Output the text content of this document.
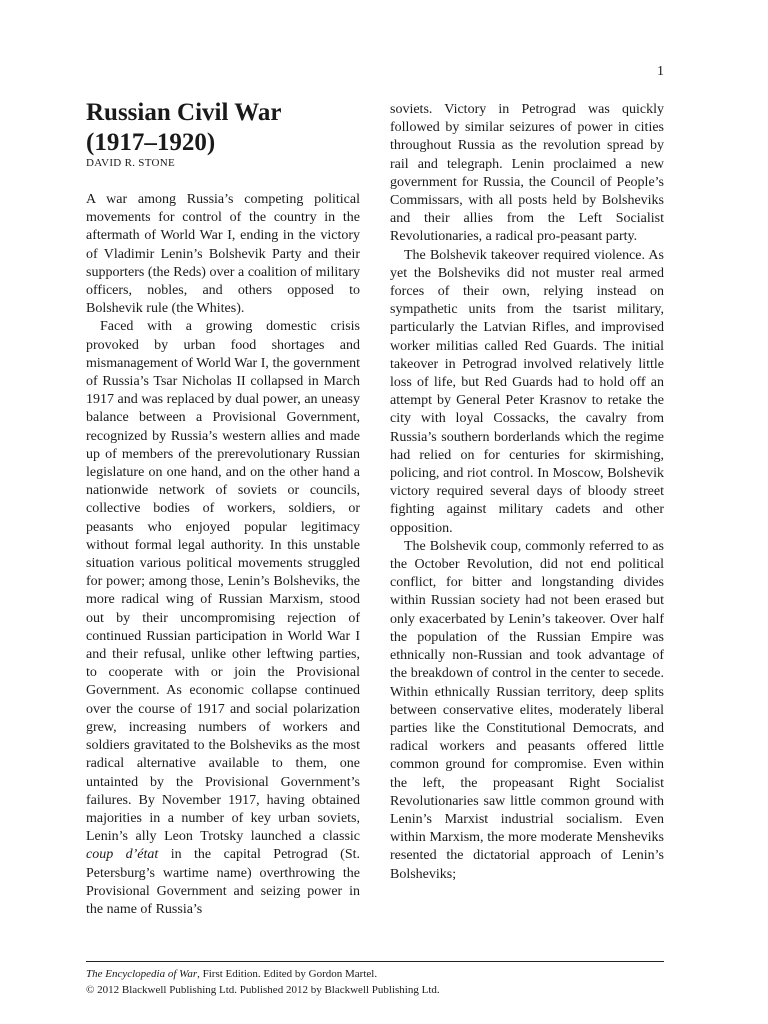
1
Russian Civil War
(1917–1920)
DAVID R. STONE

A war among Russia’s competing political movements for control of the country in the aftermath of World War I, ending in the victory of Vladimir Lenin’s Bolshevik Party and their supporters (the Reds) over a coalition of military officers, nobles, and others opposed to Bolshevik rule (the Whites).

Faced with a growing domestic crisis provoked by urban food shortages and mismanagement of World War I, the government of Russia’s Tsar Nicholas II collapsed in March 1917 and was replaced by dual power, an uneasy balance between a Provisional Government, recognized by Russia’s western allies and made up of members of the prerevolutionary Russian legislature on one hand, and on the other hand a nationwide network of soviets or councils, collective bodies of workers, soldiers, or peasants who enjoyed popular legitimacy without formal legal authority. In this unstable situation various political movements struggled for power; among those, Lenin’s Bolsheviks, the more radical wing of Russian Marxism, stood out by their uncompromising rejection of continued Russian participation in World War I and their refusal, unlike other leftwing parties, to cooperate with or join the Provisional Government. As economic collapse continued over the course of 1917 and social polarization grew, increasing numbers of workers and soldiers gravitated to the Bolsheviks as the most radical alternative available to them, one untainted by the Provisional Government’s failures. By November 1917, having obtained majorities in a number of key urban soviets, Lenin’s ally Leon Trotsky launched a classic coup d’état in the capital Petrograd (St. Petersburg’s wartime name) overthrowing the Provisional Government and seizing power in the name of Russia’s

soviets. Victory in Petrograd was quickly followed by similar seizures of power in cities throughout Russia as the revolution spread by rail and telegraph. Lenin proclaimed a new government for Russia, the Council of People’s Commissars, with all posts held by Bolsheviks and their allies from the Left Socialist Revolutionaries, a radical pro-peasant party.

The Bolshevik takeover required violence. As yet the Bolsheviks did not muster real armed forces of their own, relying instead on sympathetic units from the tsarist military, particularly the Latvian Rifles, and improvised worker militias called Red Guards. The initial takeover in Petrograd involved relatively little loss of life, but Red Guards had to hold off an attempt by General Peter Krasnov to retake the city with loyal Cossacks, the cavalry from Russia’s southern borderlands which the regime had relied on for centuries for skirmishing, policing, and riot control. In Moscow, Bolshevik victory required several days of bloody street fighting against military cadets and other opposition.

The Bolshevik coup, commonly referred to as the October Revolution, did not end political conflict, for bitter and longstanding divides within Russian society had not been erased but only exacerbated by Lenin’s takeover. Over half the population of the Russian Empire was ethnically non-Russian and took advantage of the breakdown of control in the center to secede. Within ethnically Russian territory, deep splits between conservative elites, moderately liberal parties like the Constitutional Democrats, and radical workers and peasants offered little common ground for compromise. Even within the left, the propeasant Right Socialist Revolutionaries saw little common ground with Lenin’s Marxist industrial socialism. Even within Marxism, the more moderate Mensheviks resented the dictatorial approach of Lenin’s Bolsheviks;

The Encyclopedia of War, First Edition. Edited by Gordon Martel.
© 2012 Blackwell Publishing Ltd. Published 2012 by Blackwell Publishing Ltd.
